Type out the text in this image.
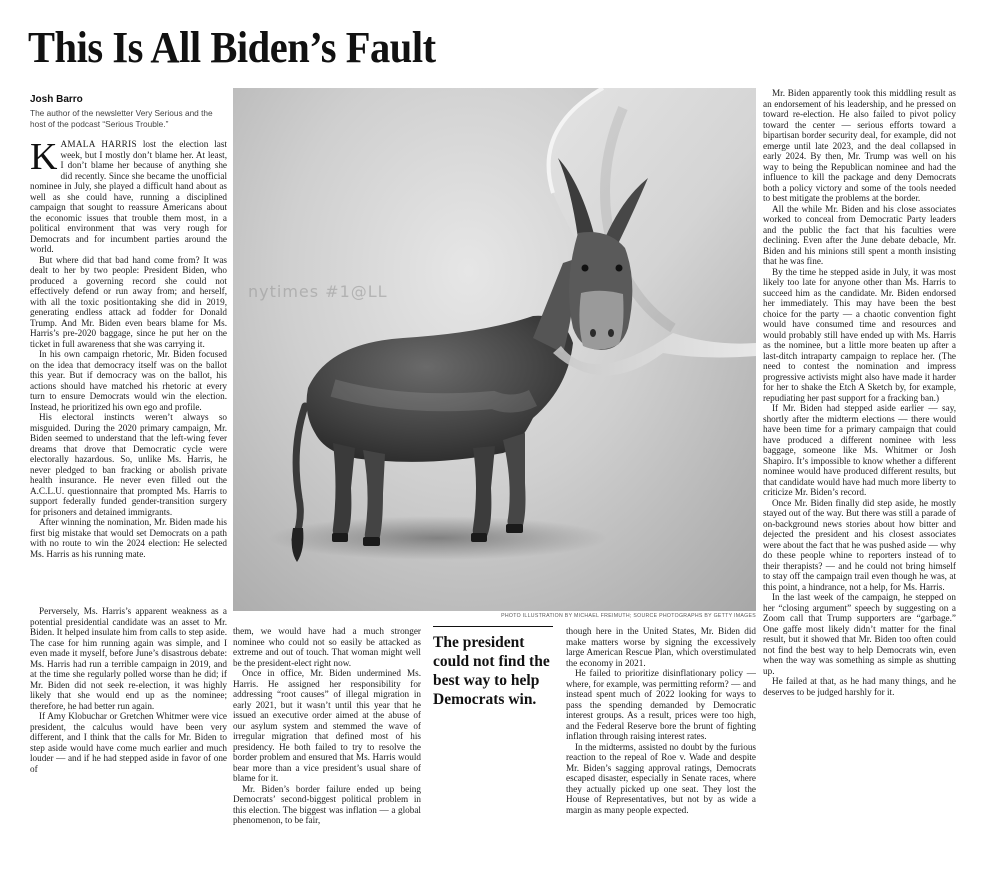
This Is All Biden’s Fault
Josh Barro
The author of the newsletter Very Serious and the host of the podcast “Serious Trouble.”

KAMALA HARRIS lost the election last week, but I mostly don’t blame her. At least, I don’t blame her because of anything she did recently. Since she became the unofficial nominee in July, she played a difficult hand about as well as she could have, running a disciplined campaign that sought to reassure Americans about the economic issues that trouble them most, in a political environment that was very rough for Democrats and for incumbent parties around the world.

But where did that bad hand come from? It was dealt to her by two people: President Biden, who produced a governing record she could not effectively defend or run away from; and herself, with all the toxic positiontaking she did in 2019, generating endless attack ad fodder for Donald Trump. And Mr. Biden even bears blame for Ms. Harris’s pre-2020 baggage, since he put her on the ticket in full awareness that she was carrying it.

In his own campaign rhetoric, Mr. Biden focused on the idea that democracy itself was on the ballot this year. But if democracy was on the ballot, his actions should have matched his rhetoric at every turn to ensure Democrats would win the election. Instead, he prioritized his own ego and profile.

His electoral instincts weren’t always so misguided. During the 2020 primary campaign, Mr. Biden seemed to understand that the left-wing fever dreams that drove that Democratic cycle were electorally hazardous. So, unlike Ms. Harris, he never pledged to ban fracking or abolish private health insurance. He never even filled out the A.C.L.U. questionnaire that prompted Ms. Harris to support federally funded gender-transition surgery for prisoners and detained immigrants.

After winning the nomination, Mr. Biden made his first big mistake that would set Democrats on a path with no route to win the 2024 election: He selected Ms. Harris as his running mate.

Perversely, Ms. Harris’s apparent weakness as a potential presidential candidate was an asset to Mr. Biden. It helped insulate him from calls to step aside. The case for him running again was simple, and I even made it myself, before June’s disastrous debate: Ms. Harris had run a terrible campaign in 2019, and at the time she regularly polled worse than he did; if Mr. Biden did not seek re-election, it was highly likely that she would end up as the nominee; therefore, he had better run again.

If Amy Klobuchar or Gretchen Whitmer were vice president, the calculus would have been very different, and I think that the calls for Mr. Biden to step aside would have come much earlier and much louder — and if he had stepped aside in favor of one of

nytimes #1@LL
PHOTO ILLUSTRATION BY MICHAEL FREIMUTH; SOURCE PHOTOGRAPHS BY GETTY IMAGES

them, we would have had a much stronger nominee who could not so easily be attacked as extreme and out of touch. That woman might well be the president-elect right now.

Once in office, Mr. Biden undermined Ms. Harris. He assigned her responsibility for addressing “root causes” of illegal migration in early 2021, but it wasn’t until this year that he issued an executive order aimed at the abuse of our asylum system and stemmed the wave of irregular migration that defined most of his presidency. He both failed to try to resolve the border problem and ensured that Ms. Harris would bear more than a vice president’s usual share of blame for it.

Mr. Biden’s border failure ended up being Democrats’ second-biggest political problem in this election. The biggest was inflation — a global phenomenon, to be fair,

The president could not find the best way to help Democrats win.

though here in the United States, Mr. Biden did make matters worse by signing the excessively large American Rescue Plan, which overstimulated the economy in 2021.

He failed to prioritize disinflationary policy — where, for example, was permitting reform? — and instead spent much of 2022 looking for ways to pass the spending demanded by Democratic interest groups. As a result, prices were too high, and the Federal Reserve bore the brunt of fighting inflation through raising interest rates.

In the midterms, assisted no doubt by the furious reaction to the repeal of Roe v. Wade and despite Mr. Biden’s sagging approval ratings, Democrats escaped disaster, especially in Senate races, where they actually picked up one seat. They lost the House of Representatives, but not by as wide a margin as many people expected.

Mr. Biden apparently took this middling result as an endorsement of his leadership, and he pressed on toward re-election. He also failed to pivot policy toward the center — serious efforts toward a bipartisan border security deal, for example, did not emerge until late 2023, and the deal collapsed in early 2024. By then, Mr. Trump was well on his way to being the Republican nominee and had the influence to kill the package and deny Democrats both a policy victory and some of the tools needed to best mitigate the problems at the border.

All the while Mr. Biden and his close associates worked to conceal from Democratic Party leaders and the public the fact that his faculties were declining. Even after the June debate debacle, Mr. Biden and his minions still spent a month insisting that he was fine.

By the time he stepped aside in July, it was most likely too late for anyone other than Ms. Harris to succeed him as the candidate. Mr. Biden endorsed her immediately. This may have been the best choice for the party — a chaotic convention fight would have consumed time and resources and would probably still have ended up with Ms. Harris as the nominee, but a little more beaten up after a last-ditch intraparty campaign to replace her. (The need to contest the nomination and impress progressive activists might also have made it harder for her to shake the Etch A Sketch by, for example, repudiating her past support for a fracking ban.)

If Mr. Biden had stepped aside earlier — say, shortly after the midterm elections — there would have been time for a primary campaign that could have produced a different nominee with less baggage, someone like Ms. Whitmer or Josh Shapiro. It’s impossible to know whether a different nominee would have produced different results, but that candidate would have had much more liberty to criticize Mr. Biden’s record.

Once Mr. Biden finally did step aside, he mostly stayed out of the way. But there was still a parade of on-background news stories about how bitter and dejected the president and his closest associates were about the fact that he was pushed aside — why do these people whine to reporters instead of to their therapists? — and he could not bring himself to stay off the campaign trail even though he was, at this point, a hindrance, not a help, for Ms. Harris.

In the last week of the campaign, he stepped on her “closing argument” speech by suggesting on a Zoom call that Trump supporters are “garbage.” One gaffe most likely didn’t matter for the final result, but it showed that Mr. Biden too often could not find the best way to help Democrats win, even when the way was something as simple as shutting up.

He failed at that, as he had many things, and he deserves to be judged harshly for it.
